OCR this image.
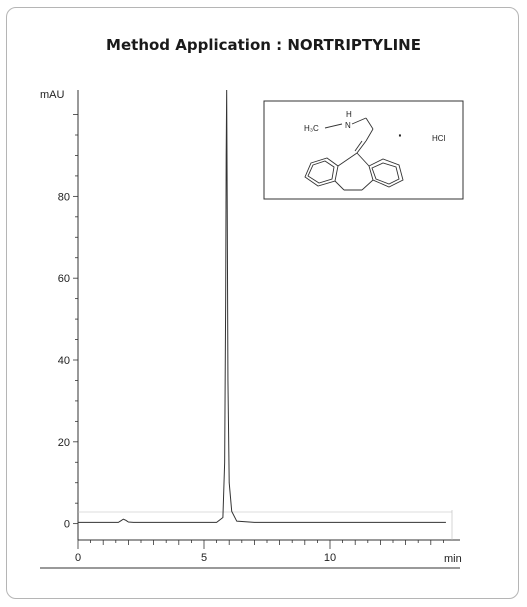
Method Application : NORTRIPTYLINE
mAU
min
0
20
40
60
80
0	5	10
H₃C
H
N
·	HCl
